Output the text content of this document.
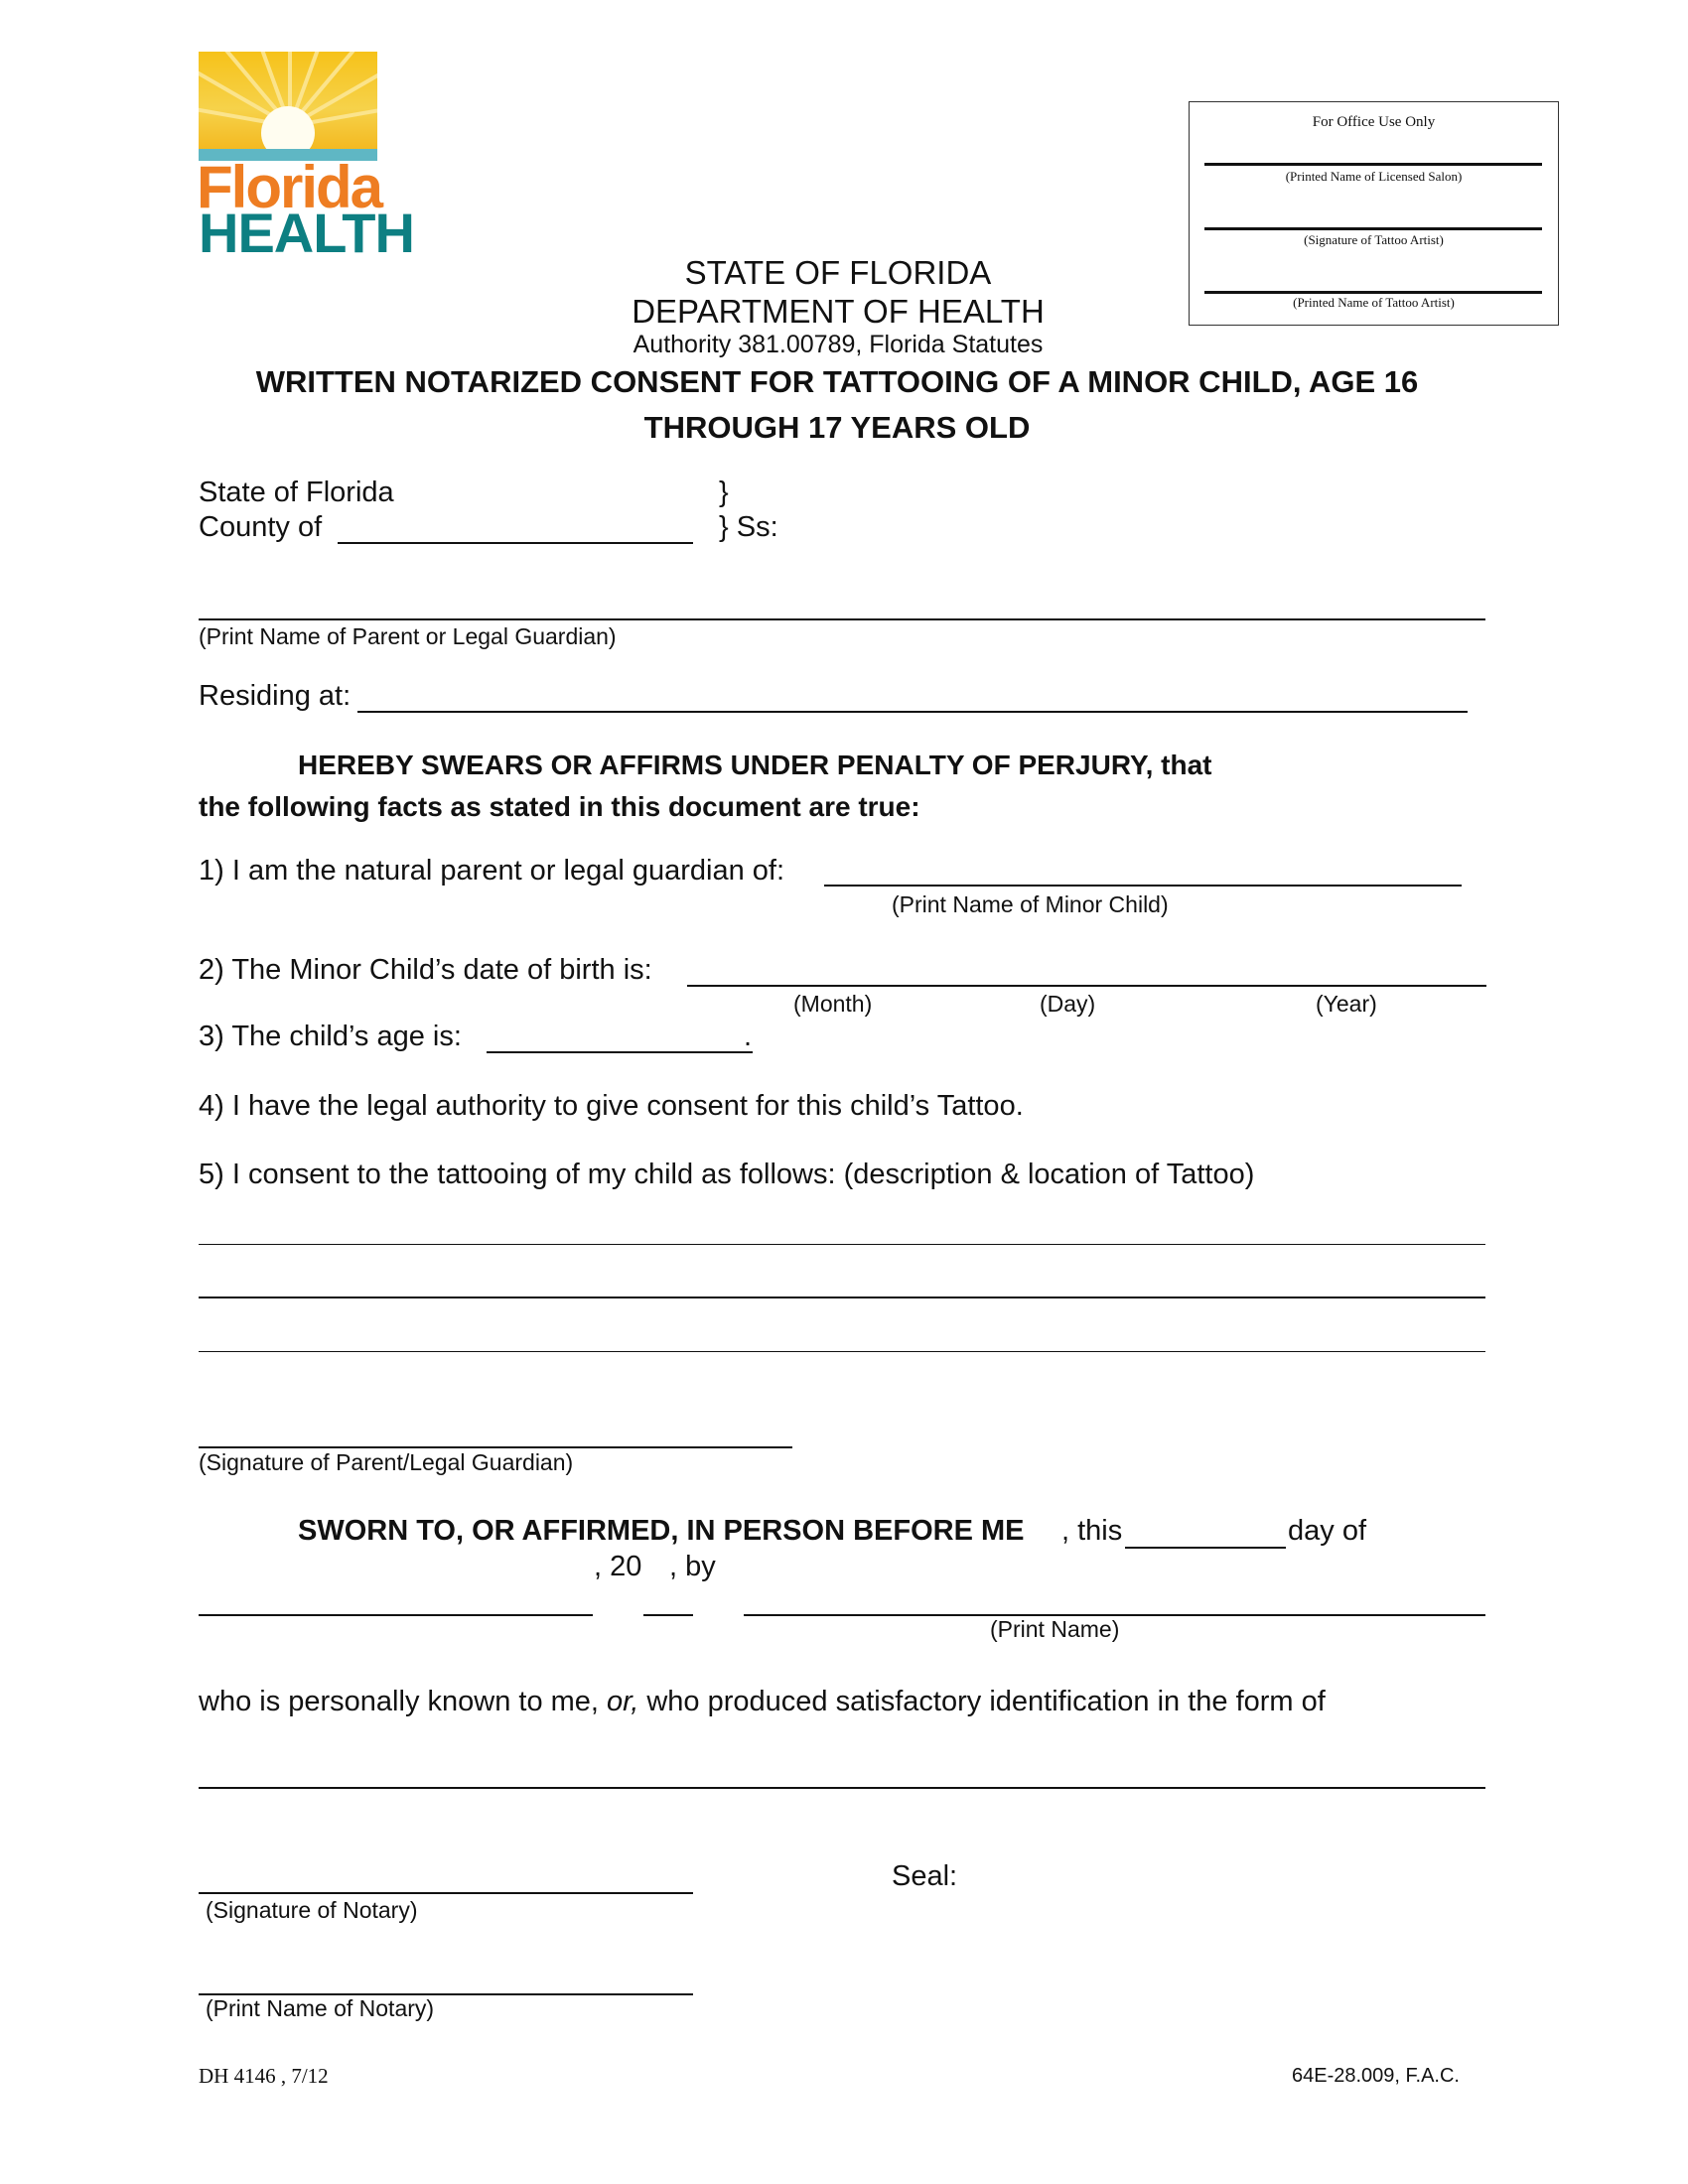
Florida
HEALTH
For Office Use Only
(Printed Name of Licensed Salon)
(Signature of Tattoo Artist)
(Printed Name of Tattoo Artist)
STATE OF FLORIDA
DEPARTMENT OF HEALTH
Authority 381.00789, Florida Statutes
WRITTEN NOTARIZED CONSENT FOR TATTOOING OF A MINOR CHILD, AGE 16
THROUGH 17 YEARS OLD
State of Florida	}
County of	} Ss:
(Print Name of Parent or Legal Guardian)
Residing at:
HEREBY SWEARS OR AFFIRMS UNDER PENALTY OF PERJURY, that
the following facts as stated in this document are true:
1) I am the natural parent or legal guardian of:
(Print Name of Minor Child)
2) The Minor Child’s date of birth is:
(Month)	(Day)	(Year)
3) The child’s age is:	.
4) I have the legal authority to give consent for this child’s Tattoo.
5) I consent to the tattooing of my child as follows: (description & location of Tattoo)
(Signature of Parent/Legal Guardian)
SWORN TO, OR AFFIRMED, IN PERSON BEFORE ME , this	day of
, 20 , by
(Print Name)
who is personally known to me, or, who produced satisfactory identification in the form of
Seal:
(Signature of Notary)
(Print Name of Notary)
DH 4146 , 7/12	64E-28.009, F.A.C.
